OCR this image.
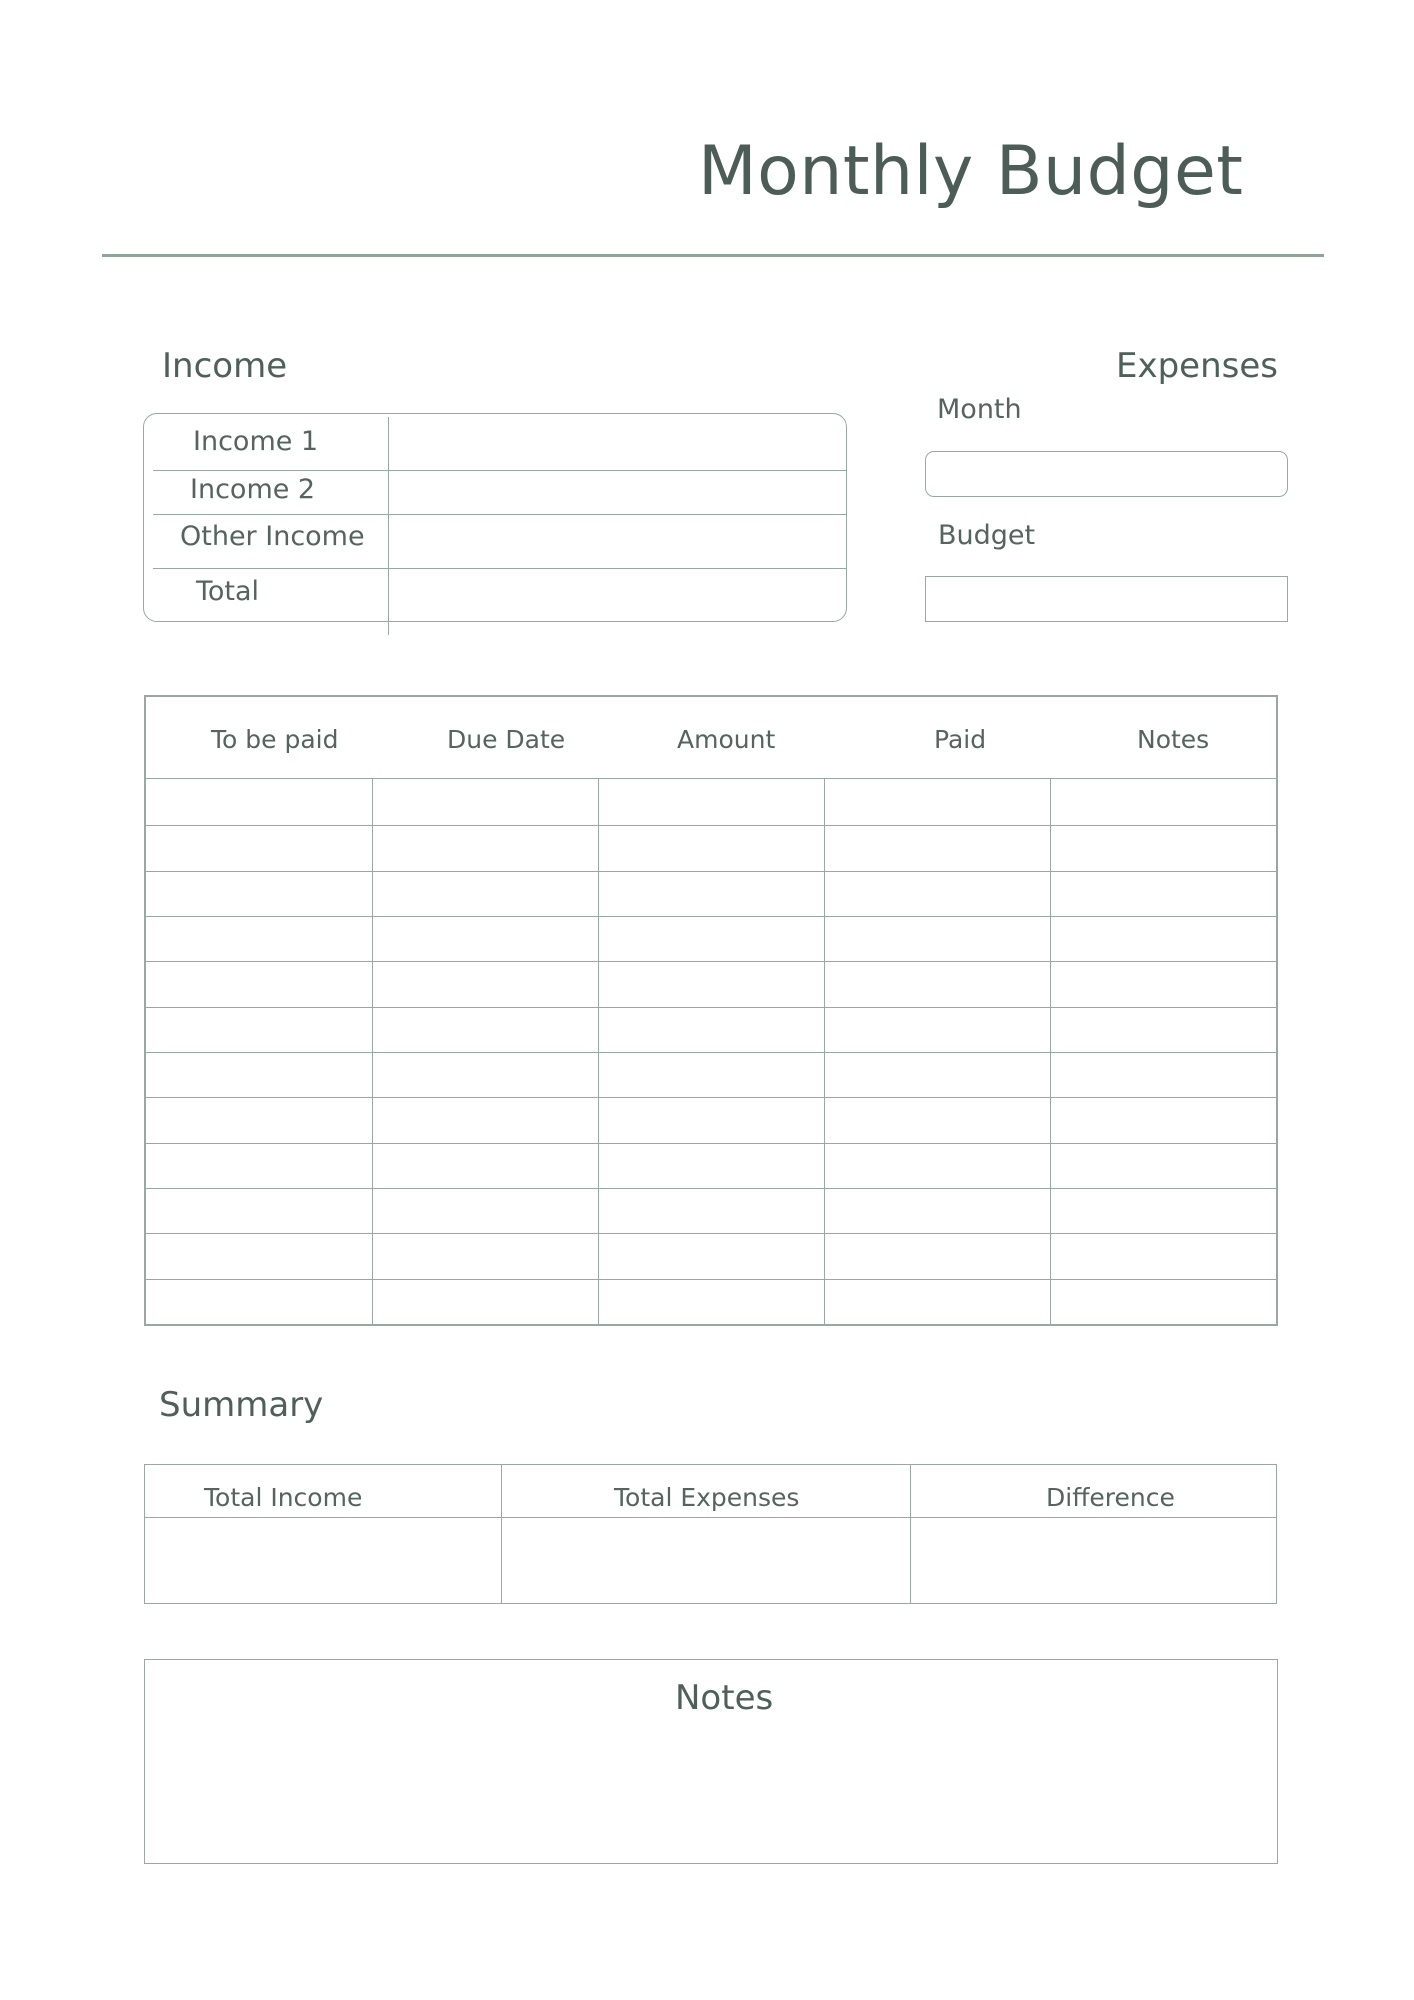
Monthly Budget
Income
Income 1
Income 2
Other Income
Total
Expenses
Month
Budget
To be paid	Due Date	Amount	Paid	Notes
Summary
Total Income	Total Expenses	Difference
Notes
